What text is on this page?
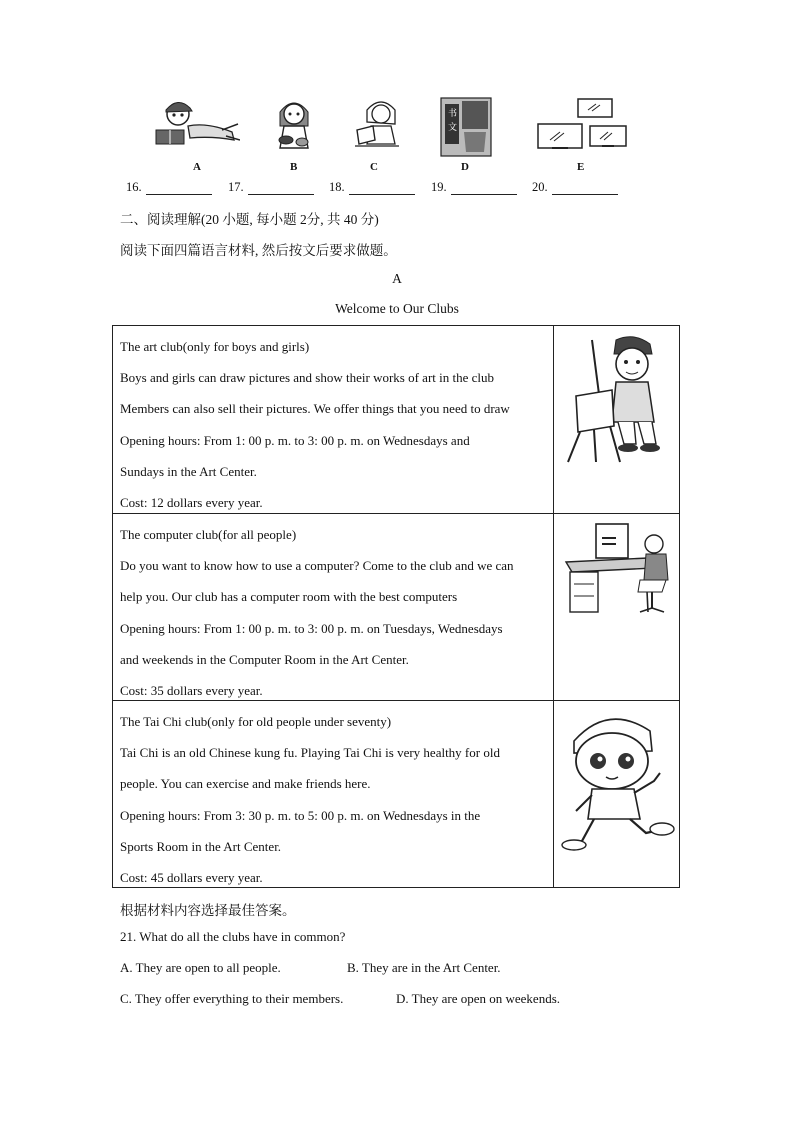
A	B	C
书
文
D	E
16.	17.	18.	19.	20.
二、阅读理解(20 小题, 每小题 2分, 共 40 分)
阅读下面四篇语言材料, 然后按文后要求做题。
A
Welcome to Our Clubs

The art club(only for boys and girls)

Boys and girls can draw pictures and show their works of art in the club

Members can also sell their pictures. We offer things that you need to draw

Opening hours: From 1: 00 p. m. to 3: 00 p. m. on Wednesdays and

Sundays in the Art Center.

Cost: 12 dollars every year.

The computer club(for all people)

Do you want to know how to use a computer? Come to the club and we can

help you. Our club has a computer room with the best computers

Opening hours: From 1: 00 p. m. to 3: 00 p. m. on Tuesdays, Wednesdays

and weekends in the Computer Room in the Art Center.

Cost: 35 dollars every year.

The Tai Chi club(only for old people under seventy)

Tai Chi is an old Chinese kung fu. Playing Tai Chi is very healthy for old

people. You can exercise and make friends here.

Opening hours: From 3: 30 p. m. to 5: 00 p. m. on Wednesdays in the

Sports Room in the Art Center.

Cost: 45 dollars every year.

根据材料内容选择最佳答案。
21. What do all the clubs have in common?
A. They are open to all people.	B. They are in the Art Center.
C. They offer everything to their members.	D. They are open on weekends.
